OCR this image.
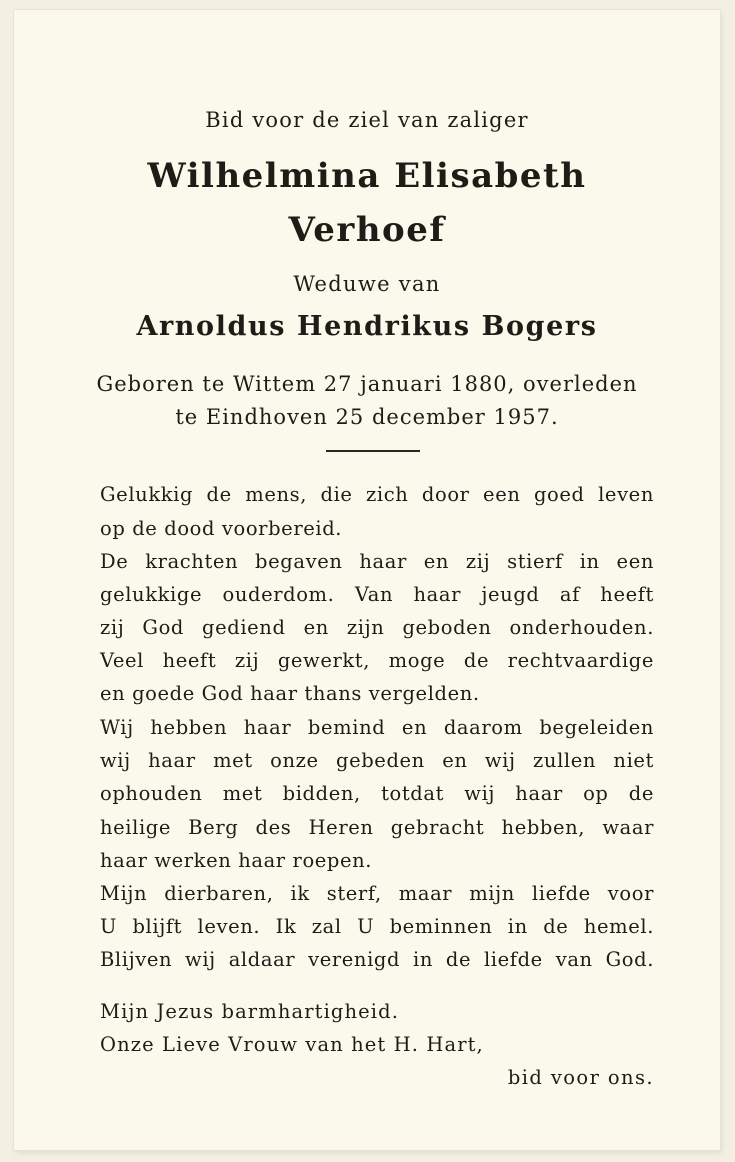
Bid voor de ziel van zaliger
Wilhelmina Elisabeth
Verhoef
Weduwe van
Arnoldus Hendrikus Bogers
Geboren te Wittem 27 januari 1880, overleden
te Eindhoven 25 december 1957.
Gelukkig de mens, die zich door een goed leven
op de dood voorbereid.
De krachten begaven haar en zij stierf in een
gelukkige ouderdom. Van haar jeugd af heeft
zij God gediend en zijn geboden onderhouden.
Veel heeft zij gewerkt, moge de rechtvaardige
en goede God haar thans vergelden.
Wij hebben haar bemind en daarom begeleiden
wij haar met onze gebeden en wij zullen niet
ophouden met bidden, totdat wij haar op de
heilige Berg des Heren gebracht hebben, waar
haar werken haar roepen.
Mijn dierbaren, ik sterf, maar mijn liefde voor
U blijft leven. Ik zal U beminnen in de hemel.
Blijven wij aldaar verenigd in de liefde van God.
Mijn Jezus barmhartigheid.
Onze Lieve Vrouw van het H. Hart,
bid voor ons.
